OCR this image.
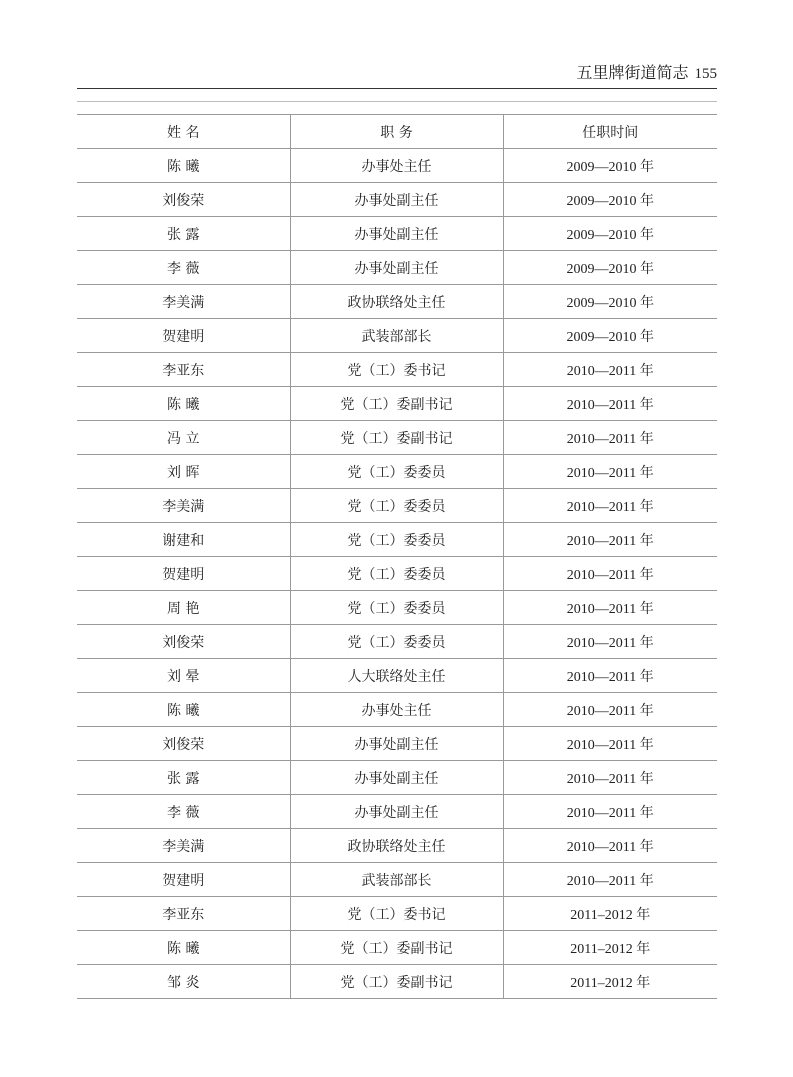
五里牌街道简志 155
姓 名	职 务	任职时间
陈 曦	办事处主任	2009—2010 年
刘俊荣	办事处副主任	2009—2010 年
张 露	办事处副主任	2009—2010 年
李 薇	办事处副主任	2009—2010 年
李美满	政协联络处主任	2009—2010 年
贺建明	武装部部长	2009—2010 年
李亚东	党（工）委书记	2010—2011 年
陈 曦	党（工）委副书记	2010—2011 年
冯 立	党（工）委副书记	2010—2011 年
刘 晖	党（工）委委员	2010—2011 年
李美满	党（工）委委员	2010—2011 年
谢建和	党（工）委委员	2010—2011 年
贺建明	党（工）委委员	2010—2011 年
周 艳	党（工）委委员	2010—2011 年
刘俊荣	党（工）委委员	2010—2011 年
刘 晕	人大联络处主任	2010—2011 年
陈 曦	办事处主任	2010—2011 年
刘俊荣	办事处副主任	2010—2011 年
张 露	办事处副主任	2010—2011 年
李 薇	办事处副主任	2010—2011 年
李美满	政协联络处主任	2010—2011 年
贺建明	武装部部长	2010—2011 年
李亚东	党（工）委书记	2011–2012 年
陈 曦	党（工）委副书记	2011–2012 年
邹 炎	党（工）委副书记	2011–2012 年
